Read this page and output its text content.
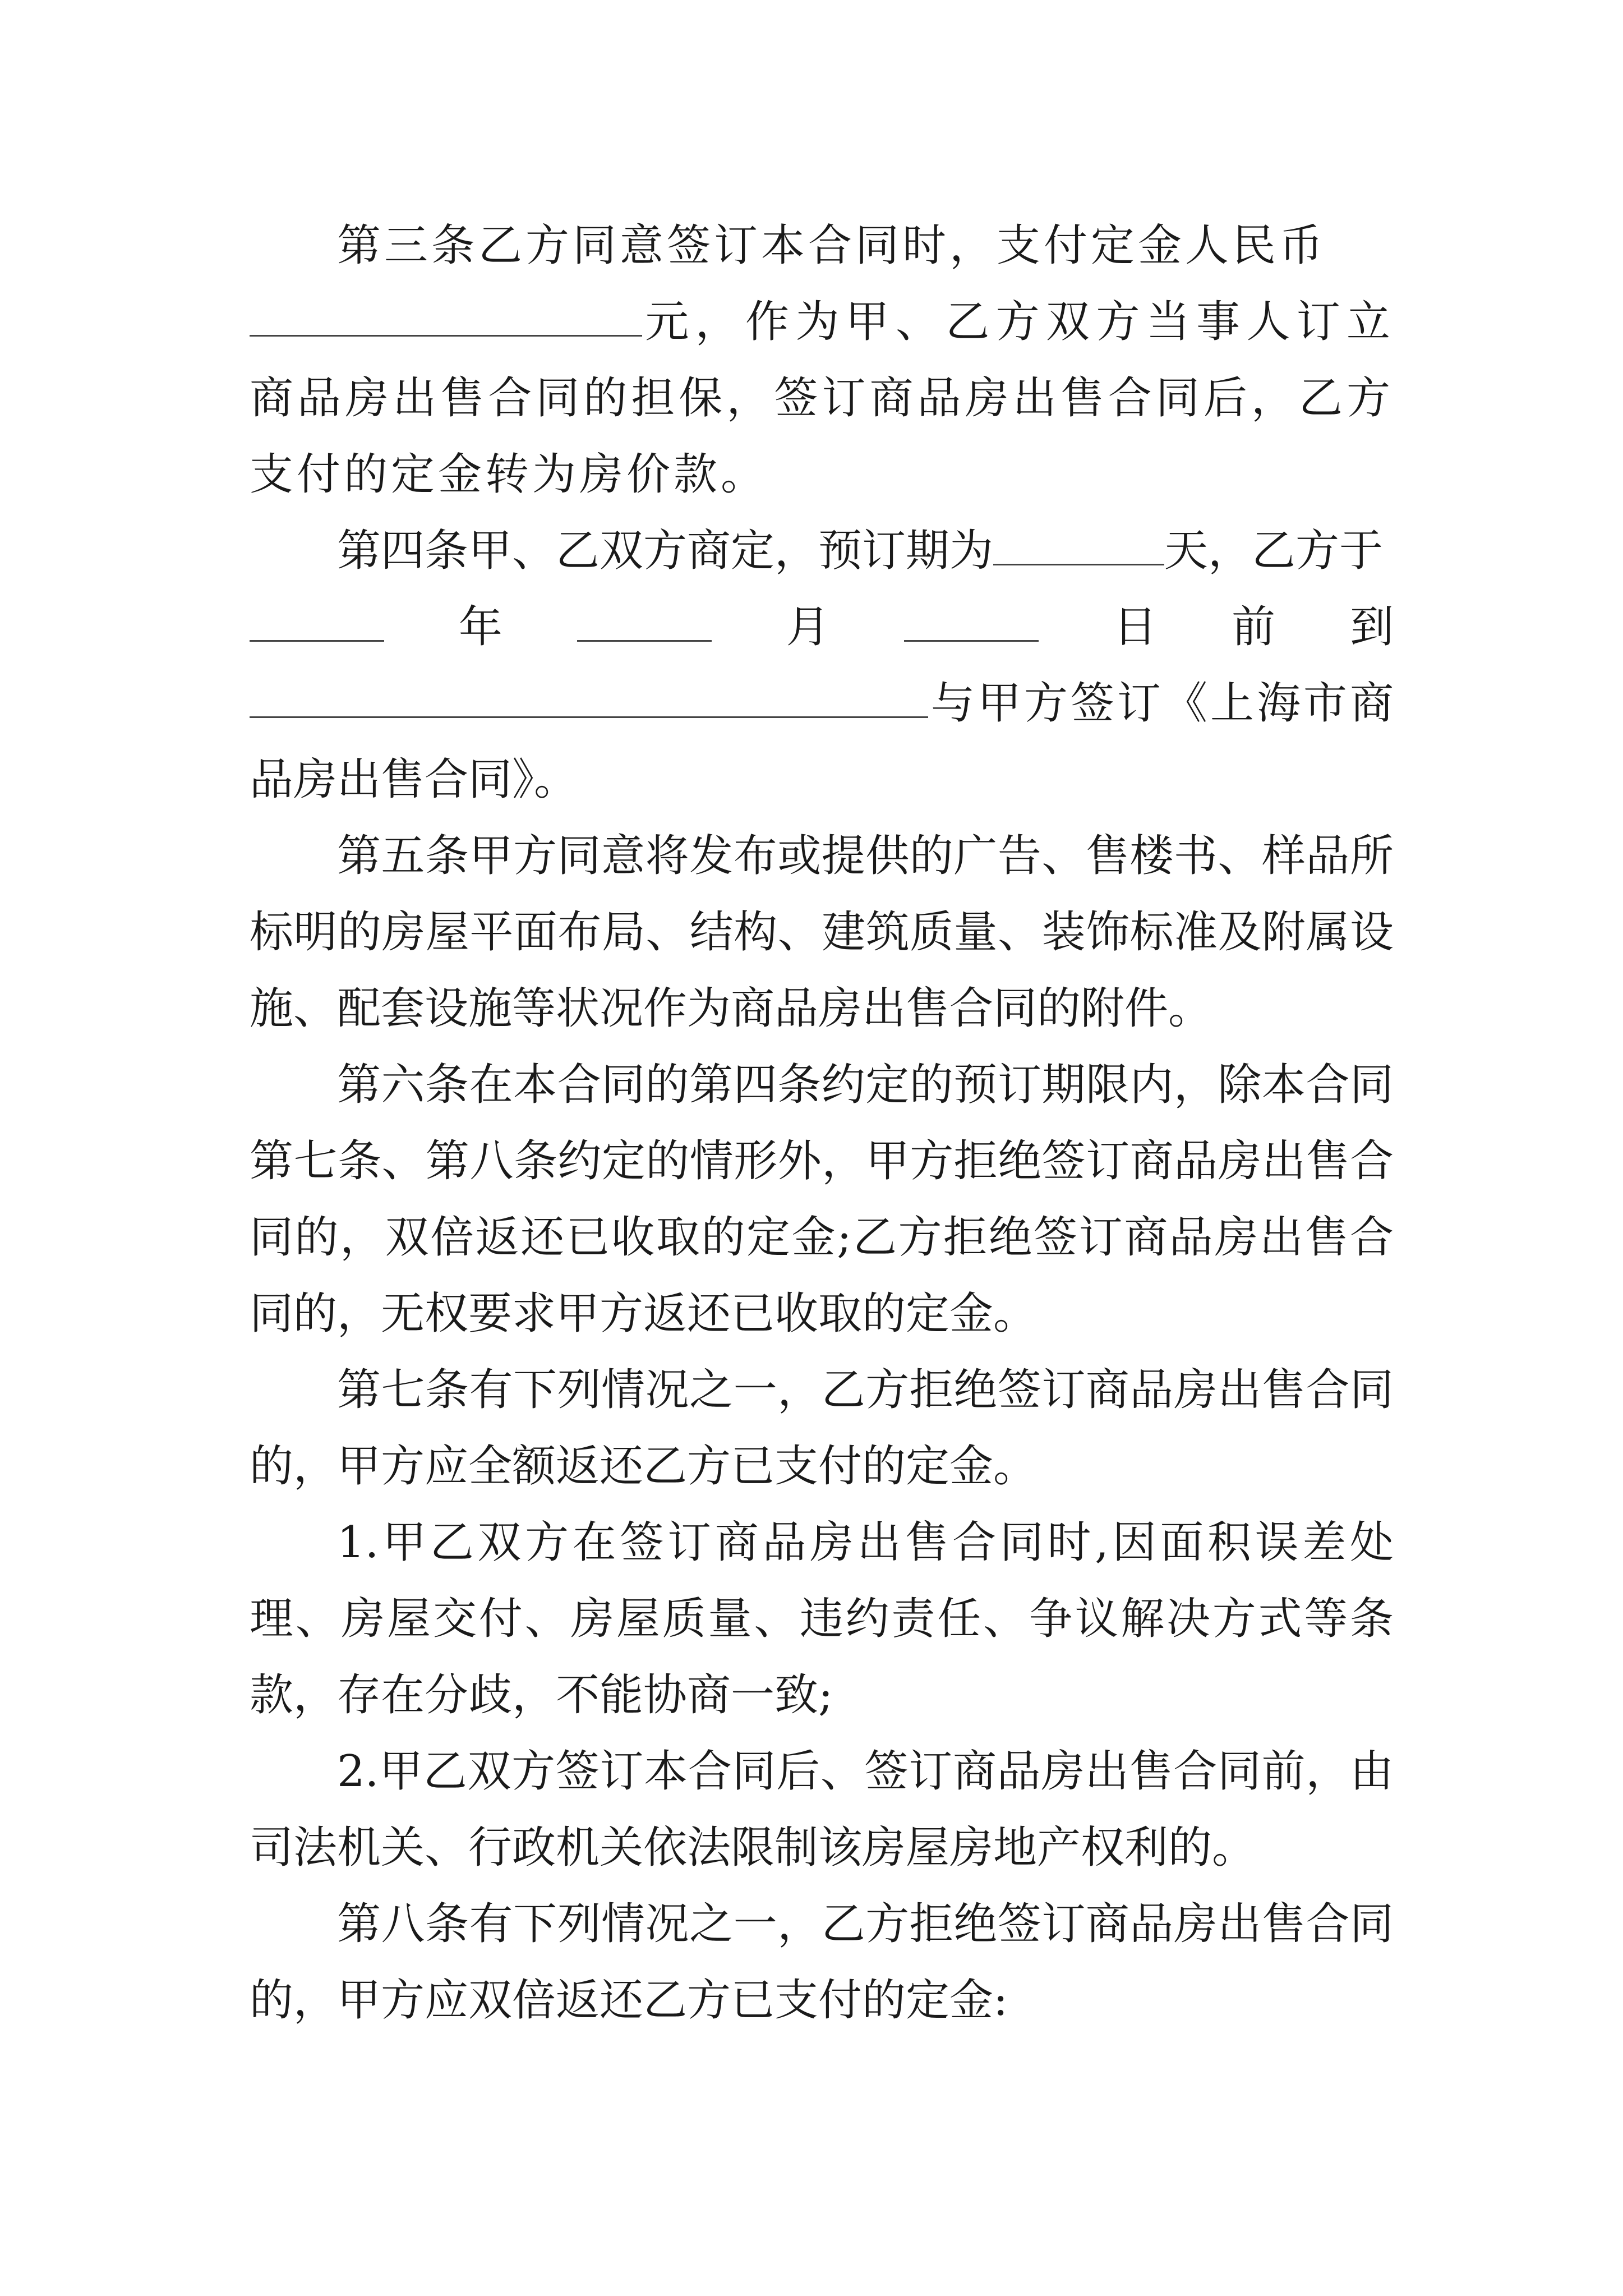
第三条乙方同意签订本合同时，支付定金人民币
元，作为甲、乙方双方当事人订立商品房出售合同的担保，签订商品房出售合同后，乙方支付的定金转为房价款。

第四条甲、乙双方商定，预订期为	天，乙方于

年	月	日 前 到

与甲方签订《上海市商品房出售合同》。

第五条甲方同意将发布或提供的广告、售楼书、样品所标明的房屋平面布局、结构、建筑质量、装饰标准及附属设施、配套设施等状况作为商品房出售合同的附件。

第六条在本合同的第四条约定的预订期限内，除本合同第七条、第八条约定的情形外，甲方拒绝签订商品房出售合同的，双倍返还已收取的定金;乙方拒绝签订商品房出售合同的，无权要求甲方返还已收取的定金。

第七条有下列情况之一，乙方拒绝签订商品房出售合同的，甲方应全额返还乙方已支付的定金。

1.甲乙双方在签订商品房出售合同时,因面积误差处理、房屋交付、房屋质量、违约责任、争议解决方式等条款，存在分歧，不能协商一致;

2.甲乙双方签订本合同后、签订商品房出售合同前，由司法机关、行政机关依法限制该房屋房地产权利的。

第八条有下列情况之一，乙方拒绝签订商品房出售合同的，甲方应双倍返还乙方已支付的定金:
